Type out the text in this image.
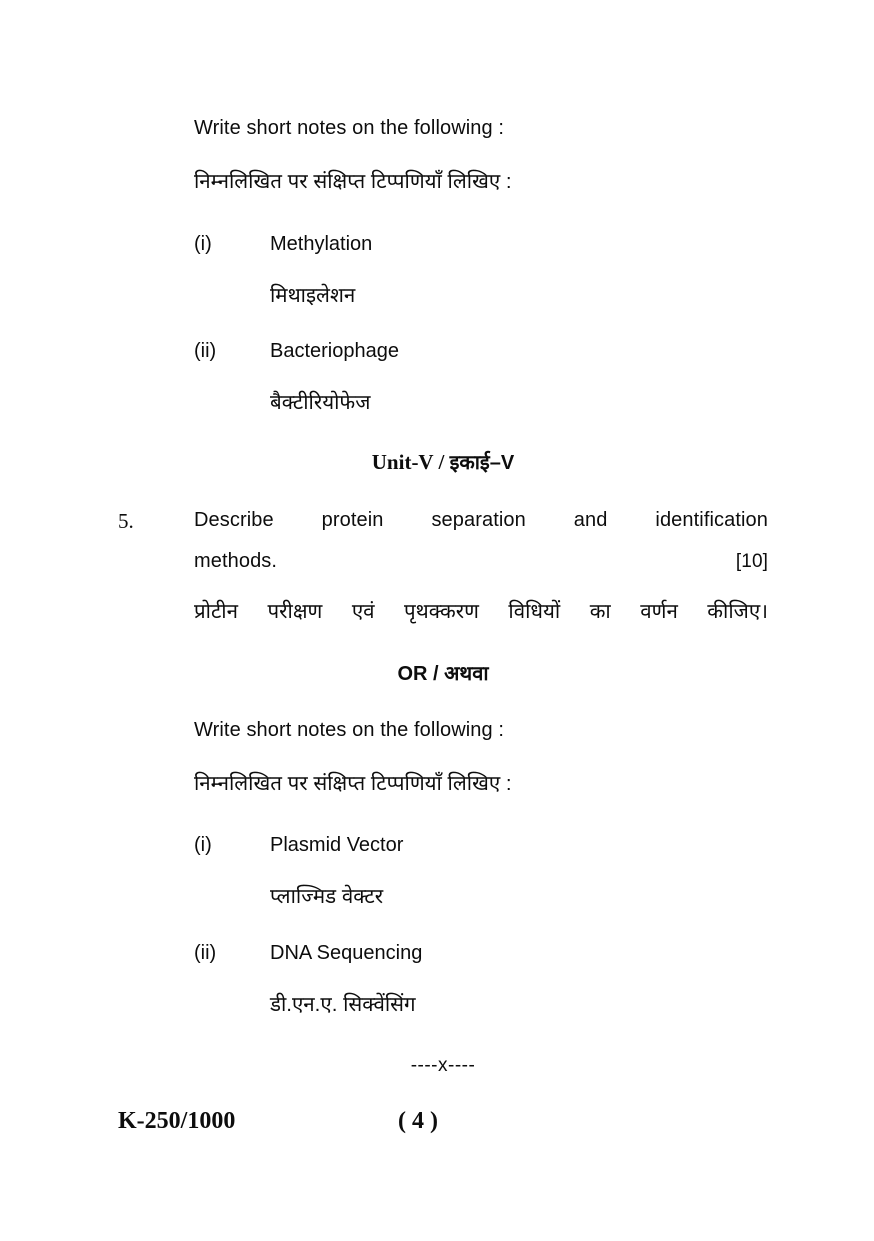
Write short notes on the following :
निम्नलिखित पर संक्षिप्त टिप्पणियाँ लिखिए :
(i)	Methylation
मिथाइलेशन
(ii)	Bacteriophage
बैक्टीरियोफेज
Unit-V / इकाई–V
5.	Describe protein separation and identification
methods.	[10]
प्रोटीन परीक्षण एवं पृथक्करण विधियों का वर्णन कीजिए।
OR / अथवा
Write short notes on the following :
निम्नलिखित पर संक्षिप्त टिप्पणियाँ लिखिए :
(i)	Plasmid Vector
प्लाज्मिड वेक्टर
(ii)	DNA Sequencing
डी.एन.ए. सिक्वेंसिंग
----x----
K-250/1000	( 4 )
